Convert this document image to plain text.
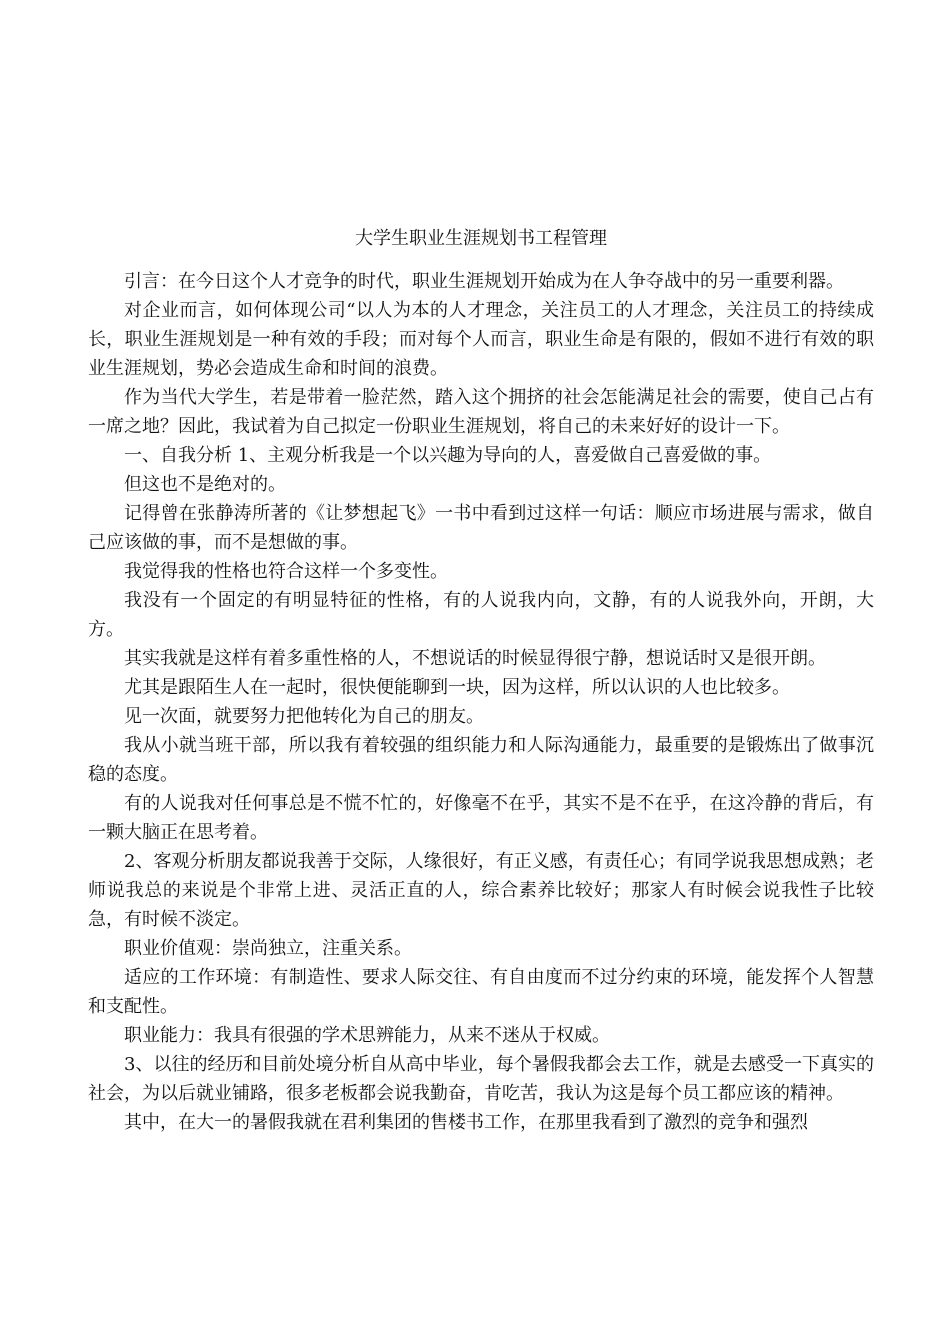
大学生职业生涯规划书工程管理

引言：在今日这个人才竞争的时代，职业生涯规划开始成为在人争夺战中的另一重要利器。

对企业而言，如何体现公司“以人为本的人才理念，关注员工的人才理念，关注员工的持续成长，职业生涯规划是一种有效的手段；而对每个人而言，职业生命是有限的，假如不进行有效的职业生涯规划，势必会造成生命和时间的浪费。

作为当代大学生，若是带着一脸茫然，踏入这个拥挤的社会怎能满足社会的需要，使自己占有一席之地？因此，我试着为自己拟定一份职业生涯规划，将自己的未来好好的设计一下。

一、自我分析 1、主观分析我是一个以兴趣为导向的人，喜爱做自己喜爱做的事。

但这也不是绝对的。

记得曾在张静涛所著的《让梦想起飞》一书中看到过这样一句话：顺应市场进展与需求，做自己应该做的事，而不是想做的事。

我觉得我的性格也符合这样一个多变性。

我没有一个固定的有明显特征的性格，有的人说我内向，文静，有的人说我外向，开朗，大方。

其实我就是这样有着多重性格的人，不想说话的时候显得很宁静，想说话时又是很开朗。

尤其是跟陌生人在一起时，很快便能聊到一块，因为这样，所以认识的人也比较多。

见一次面，就要努力把他转化为自己的朋友。

我从小就当班干部，所以我有着较强的组织能力和人际沟通能力，最重要的是锻炼出了做事沉稳的态度。

有的人说我对任何事总是不慌不忙的，好像毫不在乎，其实不是不在乎，在这冷静的背后，有一颗大脑正在思考着。

2、客观分析朋友都说我善于交际，人缘很好，有正义感，有责任心；有同学说我思想成熟；老师说我总的来说是个非常上进、灵活正直的人，综合素养比较好；那家人有时候会说我性子比较急，有时候不淡定。

职业价值观：崇尚独立，注重关系。

适应的工作环境：有制造性、要求人际交往、有自由度而不过分约束的环境，能发挥个人智慧和支配性。

职业能力：我具有很强的学术思辨能力，从来不迷从于权威。

3、以往的经历和目前处境分析自从高中毕业，每个暑假我都会去工作，就是去感受一下真实的社会，为以后就业铺路，很多老板都会说我勤奋，肯吃苦，我认为这是每个员工都应该的精神。

其中，在大一的暑假我就在君利集团的售楼书工作，在那里我看到了激烈的竞争和强烈
